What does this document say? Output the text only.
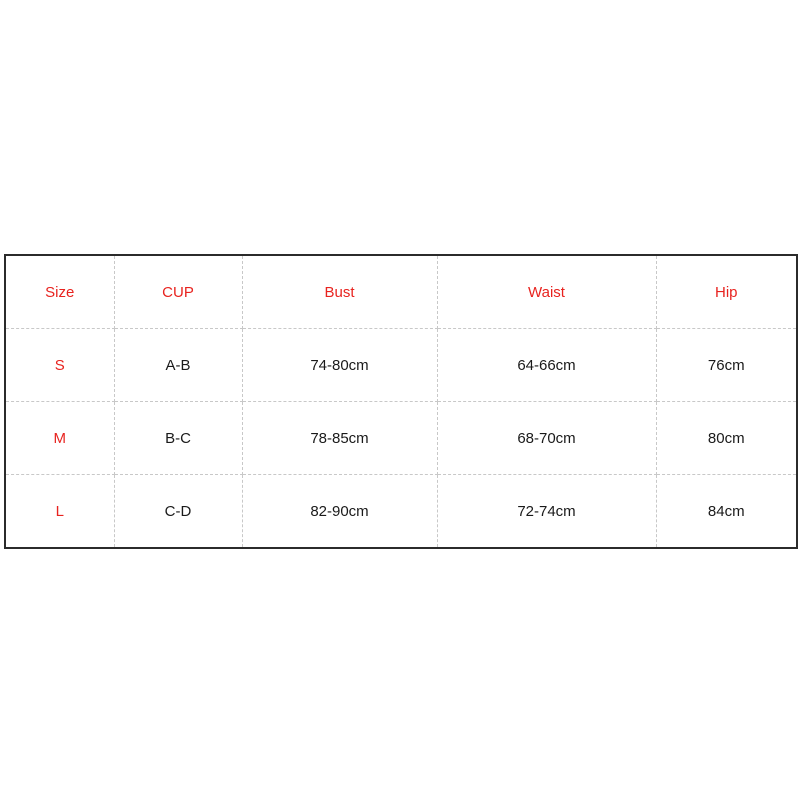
Size	CUP	Bust	Waist	Hip
S	A-B	74-80cm	64-66cm	76cm
M	B-C	78-85cm	68-70cm	80cm
L	C-D	82-90cm	72-74cm	84cm
